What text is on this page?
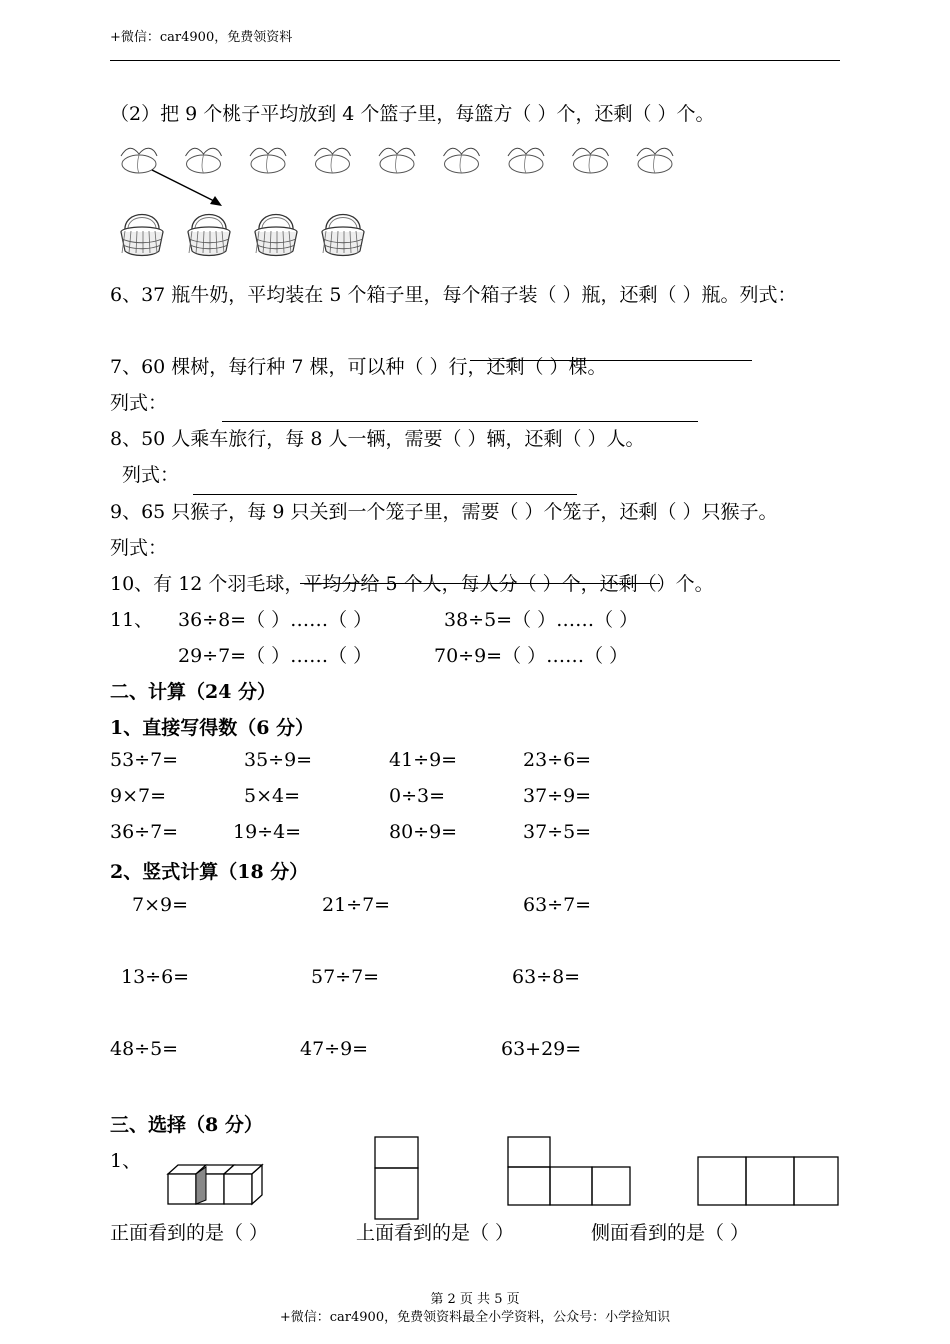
+微信：car4900，免费领资料
（2）把 9 个桃子平均放到 4 个篮子里，每篮方（ ）个，还剩（ ）个。
6、37 瓶牛奶，平均装在 5 个箱子里，每个箱子装（ ）瓶，还剩（ ）瓶。列式：
7、60 棵树，每行种 7 棵，可以种（ ）行，还剩（ ）棵。
列式：
8、50 人乘车旅行，每 8 人一辆，需要（ ）辆，还剩（ ）人。
列式：
9、65 只猴子，每 9 只关到一个笼子里，需要（ ）个笼子，还剩（ ）只猴子。
列式：
10、有 12 个羽毛球，平均分给 5 个人，每人分（ ）个，还剩（）个。
11、 36÷8=（ ）……（ ）	38÷5=（ ）……（ ）
29÷7=（ ）……（ ）	70÷9=（ ）……（ ）
二、计算（24 分）
1、直接写得数（6 分）
53÷7=	35÷9=	41÷9=	23÷6=
9×7=	5×4=	0÷3=	37÷9=
36÷7=	19÷4=	80÷9=	37÷5=
2、竖式计算（18 分）
7×9=	21÷7=	63÷7=
13÷6=	57÷7=	63÷8=
48÷5=	47÷9=	63+29=
三、选择（8 分）
1、
正面看到的是（ ）	上面看到的是（ ）	侧面看到的是（ ）
第 2 页 共 5 页
+微信：car4900，免费领资料最全小学资料，公众号：小学捡知识
